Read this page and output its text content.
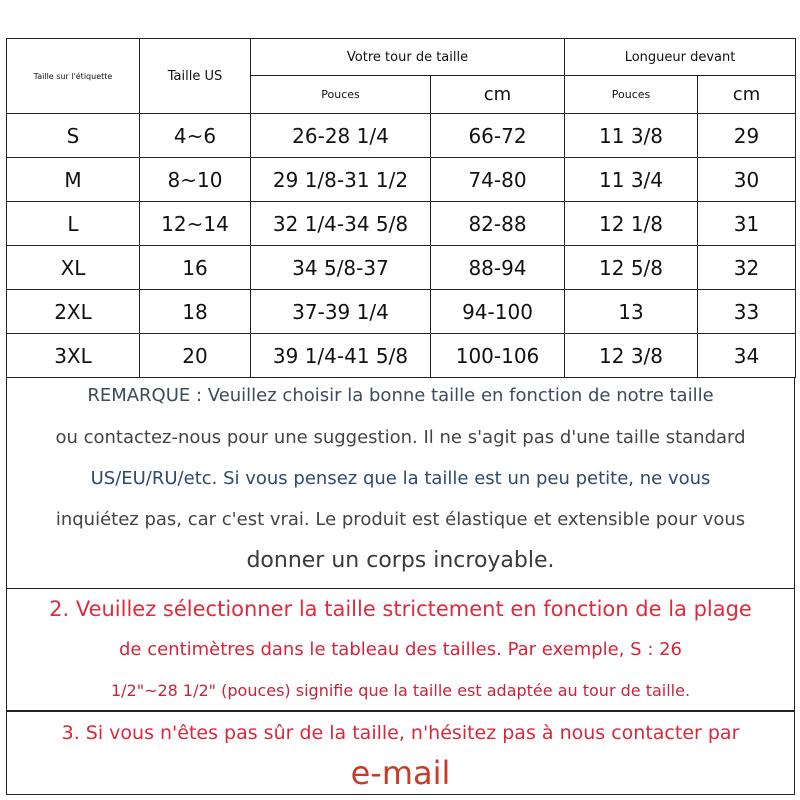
Taille sur l'étiquette	Taille US	Votre tour de taille		Longueur devant	
		Pouces	cm	Pouces	cm
S	4~6	26-28 1/4	66-72	11 3/8	29
M	8~10	29 1/8-31 1/2	74-80	11 3/4	30
L	12~14	32 1/4-34 5/8	82-88	12 1/8	31
XL	16	34 5/8-37	88-94	12 5/8	32
2XL	18	37-39 1/4	94-100	13	33
3XL	20	39 1/4-41 5/8	100-106	12 3/8	34
REMARQUE : Veuillez choisir la bonne taille en fonction de notre taille
ou contactez-nous pour une suggestion. Il ne s'agit pas d'une taille standard
US/EU/RU/etc. Si vous pensez que la taille est un peu petite, ne vous
inquiétez pas, car c'est vrai. Le produit est élastique et extensible pour vous
donner un corps incroyable.
2. Veuillez sélectionner la taille strictement en fonction de la plage
de centimètres dans le tableau des tailles. Par exemple, S : 26
1/2"~28 1/2" (pouces) signifie que la taille est adaptée au tour de taille.
3. Si vous n'êtes pas sûr de la taille, n'hésitez pas à nous contacter par
e-mail
